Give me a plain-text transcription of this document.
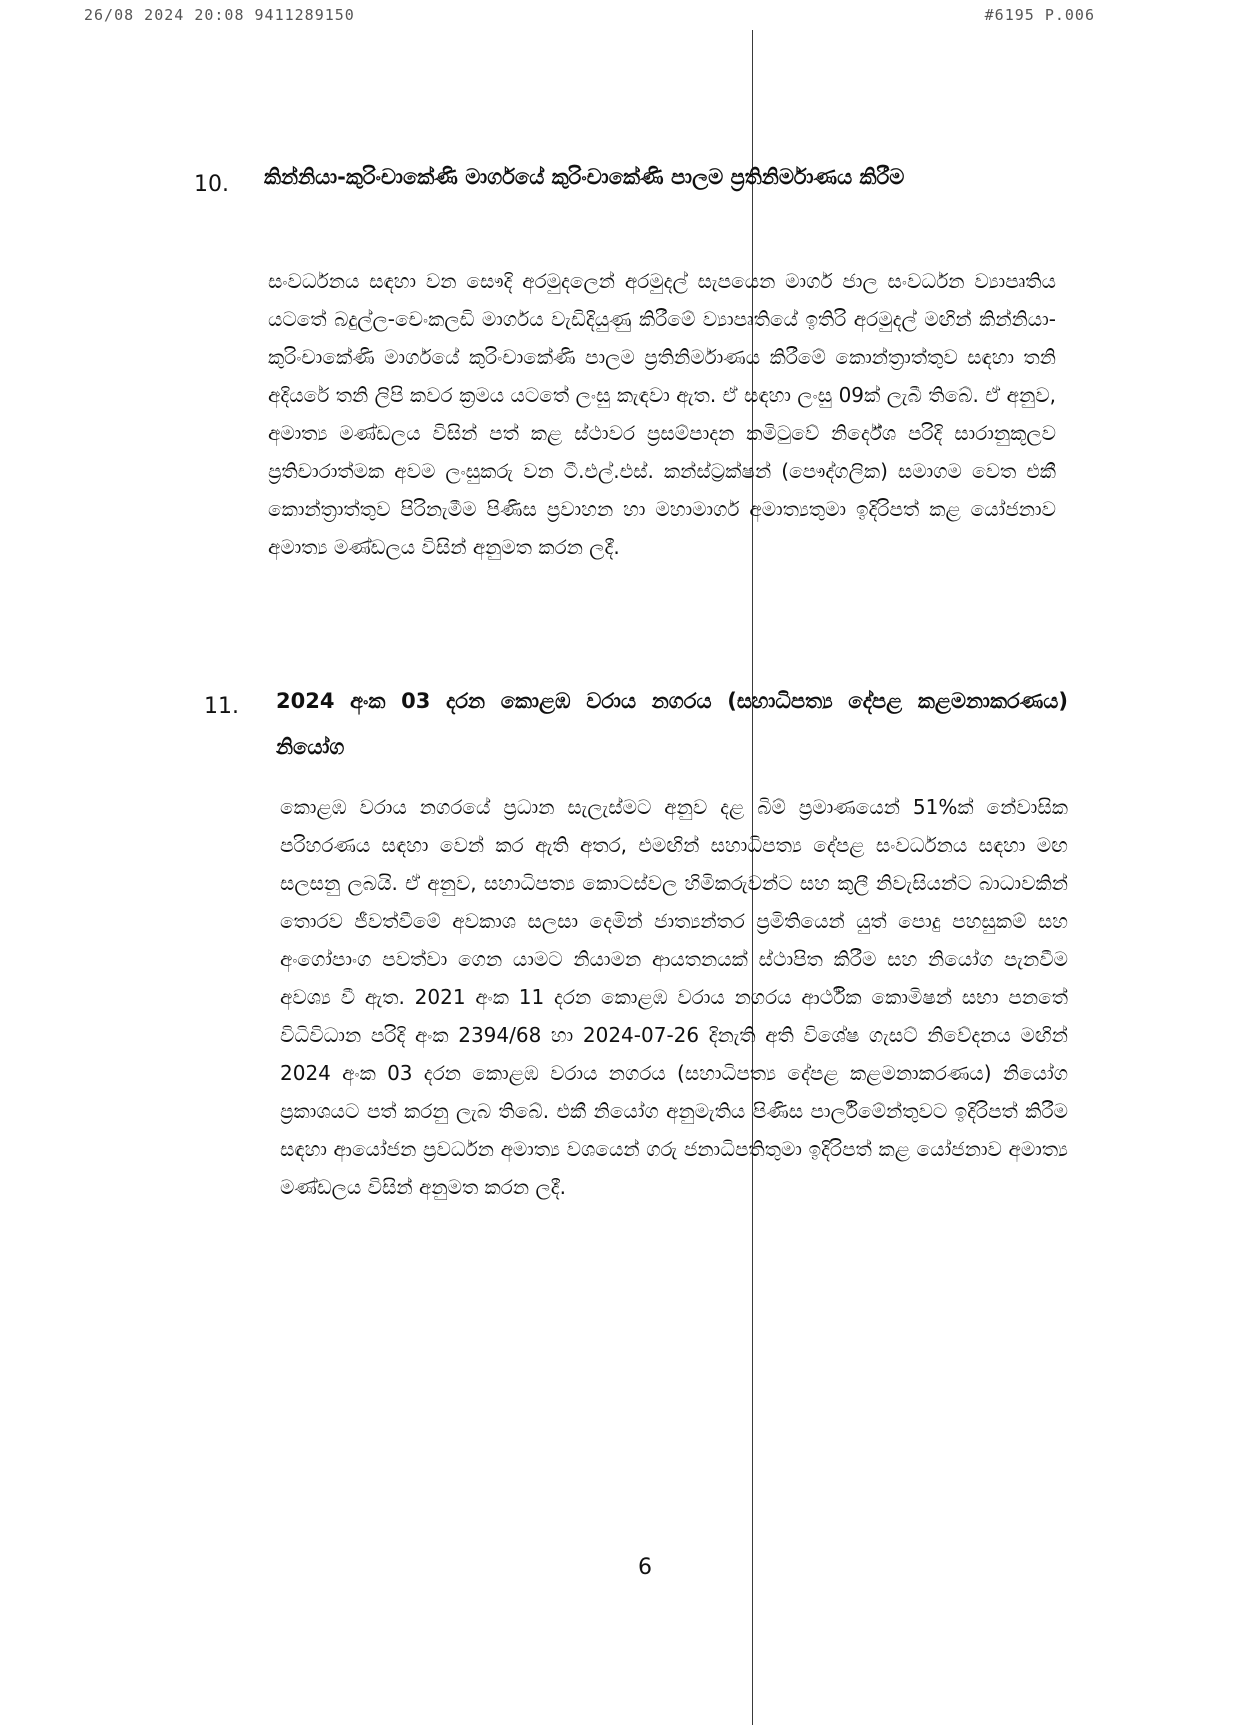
26/08 2024 20:08 9411289150	#6195 P.006
10. කින්නියා-කුරිංචාකේණි මාර්ගයේ කුරිංචාකේණි පාලම ප්‍රතිනිර්මාණය කිරීම
සංවර්ධනය සඳහා වන සෞදි අරමුදලෙන් අරමුදල් සැපයෙන මාර්ග ජාල සංවර්ධන ව්‍යාපෘතිය යටතේ බදුල්ල-චෙංකලඩි මාර්ගය වැඩිදියුණු කිරීමේ ව්‍යාපෘතියේ ඉතිරි අරමුදල් මඟින් කින්නියා-කුරිංචාකේණි මාර්ගයේ කුරිංචාකේණි පාලම ප්‍රතිනිර්මාණය කිරීමේ කොන්ත්‍රාත්තුව සඳහා තනි අදියරේ තනි ලිපි කවර ක්‍රමය යටතේ ලංසු කැඳවා ඇත. ඒ සඳහා ලංසු 09ක් ලැබී තිබේ. ඒ අනුව, අමාත්‍ය මණ්ඩලය විසින් පත් කළ ස්ථාවර ප්‍රසම්පාදන කමිටුවේ නිර්දේශ පරිදි සාරානුකූලව ප්‍රතිචාරාත්මක අවම ලංසුකරු වන ටී.එල්.එස්. කන්ස්ට්‍රක්ෂන් (පෞද්ගලික) සමාගම වෙත එකී කොන්ත්‍රාත්තුව පිරිනැමීම පිණිස ප්‍රවාහන හා මහාමාර්ග අමාත්‍යතුමා ඉදිරිපත් කළ යෝජනාව අමාත්‍ය මණ්ඩලය විසින් අනුමත කරන ලදී.
11. 2024 අංක 03 දරන කොළඹ වරාය නගරය (සහාධිපත්‍ය දේපළ කළමනාකරණය) නියෝග
කොළඹ වරාය නගරයේ ප්‍රධාන සැලැස්මට අනුව දළ බිම් ප්‍රමාණයෙන් 51%ක් නේවාසික පරිහරණය සඳහා වෙන් කර ඇති අතර, එමඟින් සහාධිපත්‍ය දේපළ සංවර්ධනය සඳහා මඟ සලසනු ලබයි. ඒ අනුව, සහාධිපත්‍ය කොටස්වල හිමිකරුවන්ට සහ කුලී නිවැසියන්ට බාධාවකින් තොරව ජීවත්වීමේ අවකාශ සලසා දෙමින් ජාත්‍යන්තර ප්‍රමිතියෙන් යුත් පොදු පහසුකම් සහ අංගෝපාංග පවත්වා ගෙන යාමට නියාමන ආයතනයක් ස්ථාපිත කිරීම සහ නියෝග පැනවීම අවශ්‍ය වී ඇත. 2021 අංක 11 දරන කොළඹ වරාය නගරය ආර්ථික කොමිෂන් සභා පනතේ විධිවිධාන පරිදි අංක 2394/68 හා 2024-07-26 දිනැති අති විශේෂ ගැසට් නිවේදනය මඟින් 2024 අංක 03 දරන කොළඹ වරාය නගරය (සහාධිපත්‍ය දේපළ කළමනාකරණය) නියෝග ප්‍රකාශයට පත් කරනු ලැබ තිබේ. එකී නියෝග අනුමැතිය පිණිස පාර්ලිමේන්තුවට ඉදිරිපත් කිරීම සඳහා ආයෝජන ප්‍රවර්ධන අමාත්‍ය වශයෙන් ගරු ජනාධිපතිතුමා ඉදිරිපත් කළ යෝජනාව අමාත්‍ය මණ්ඩලය විසින් අනුමත කරන ලදී.
6
